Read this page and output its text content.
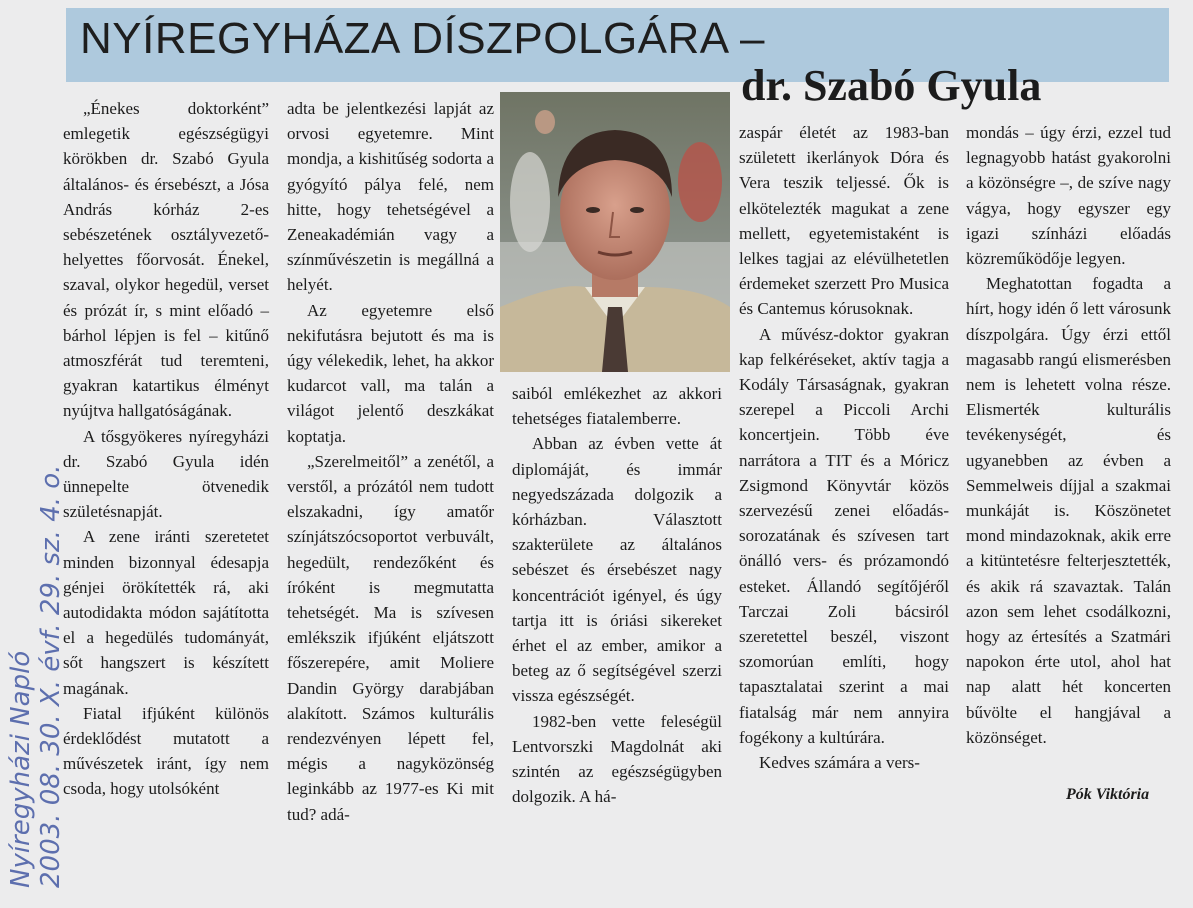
NYÍREGYHÁZA DÍSZPOLGÁRA –
dr. Szabó Gyula

„Énekes doktorként” emlegetik egészségügyi körökben dr. Szabó Gyula általános- és érsebészt, a Jósa András kórház 2-es sebészetének osztályvezető-helyettes főorvosát. Énekel, szaval, olykor hegedül, verset és prózát ír, s mint előadó – bárhol lépjen is fel – kitűnő atmoszférát tud teremteni, gyakran katartikus élményt nyújtva hallgatóságának.

A tősgyökeres nyíregyházi dr. Szabó Gyula idén ünnepelte ötvenedik születésnapját.

A zene iránti szeretetet minden bizonnyal édesapja génjei örökítették rá, aki autodidakta módon sajátította el a hegedülés tudományát, sőt hangszert is készített magának.

Fiatal ifjúként különös érdeklődést mutatott a művészetek iránt, így nem csoda, hogy utolsóként

adta be jelentkezési lapját az orvosi egyetemre. Mint mondja, a kishitűség sodorta a gyógyító pálya felé, nem hitte, hogy tehetségével a Zeneakadémián vagy a színművészetin is megállná a helyét.

Az egyetemre első nekifutásra bejutott és ma is úgy vélekedik, lehet, ha akkor kudarcot vall, ma talán a világot jelentő deszkákat koptatja.

„Szerelmeitől” a zenétől, a verstől, a prózától nem tudott elszakadni, így amatőr színjátszócsoportot verbuvált, hegedült, rendezőként és íróként is megmutatta tehetségét. Ma is szívesen emlékszik ifjúként eljátszott főszerepére, amit Moliere Dandin György darabjában alakított. Számos kulturális rendezvényen lépett fel, mégis a nagyközönség leginkább az 1977-es Ki mit tud? adá-

saiból emlékezhet az akkori tehetséges fiatalemberre.

Abban az évben vette át diplomáját, és immár negyedszázada dolgozik a kórházban. Választott szakterülete az általános sebészet és érsebészet nagy koncentrációt igényel, és úgy tartja itt is óriási sikereket érhet el az ember, amikor a beteg az ő segítségével szerzi vissza egészségét.

1982-ben vette feleségül Lentvorszki Magdolnát aki szintén az egészségügyben dolgozik. A há-

zaspár életét az 1983-ban született ikerlányok Dóra és Vera teszik teljessé. Ők is elkötelezték magukat a zene mellett, egyetemistaként is lelkes tagjai az elévülhetetlen érdemeket szerzett Pro Musica és Cantemus kórusoknak.

A művész-doktor gyakran kap felkéréseket, aktív tagja a Kodály Társaságnak, gyakran szerepel a Piccoli Archi koncertjein. Több éve narrátora a TIT és a Móricz Zsigmond Könyvtár közös szervezésű zenei előadás-sorozatának és szívesen tart önálló vers- és prózamondó esteket. Állandó segítőjéről Tarczai Zoli bácsiról szeretettel beszél, viszont szomorúan említi, hogy tapasztalatai szerint a mai fiatalság már nem annyira fogékony a kultúrára.

Kedves számára a vers-

mondás – úgy érzi, ezzel tud legnagyobb hatást gyakorolni a közönségre –, de szíve nagy vágya, hogy egyszer egy igazi színházi előadás közreműködője legyen.

Meghatottan fogadta a hírt, hogy idén ő lett városunk díszpolgára. Úgy érzi ettől magasabb rangú elismerésben nem is lehetett volna része. Elismerték kulturális tevékenységét, és ugyanebben az évben a Semmelweis díjjal a szakmai munkáját is. Köszönetet mond mindazoknak, akik erre a kitüntetésre felterjesztették, és akik rá szavaztak. Talán azon sem lehet csodálkozni, hogy az értesítés a Szatmári napokon érte utol, ahol hat nap alatt hét koncerten bűvölte el hangjával a közönséget.

Pók Viktória
Nyíregyházi Napló 2003. 08. 30. X. évf. 29. sz. 4. o.
